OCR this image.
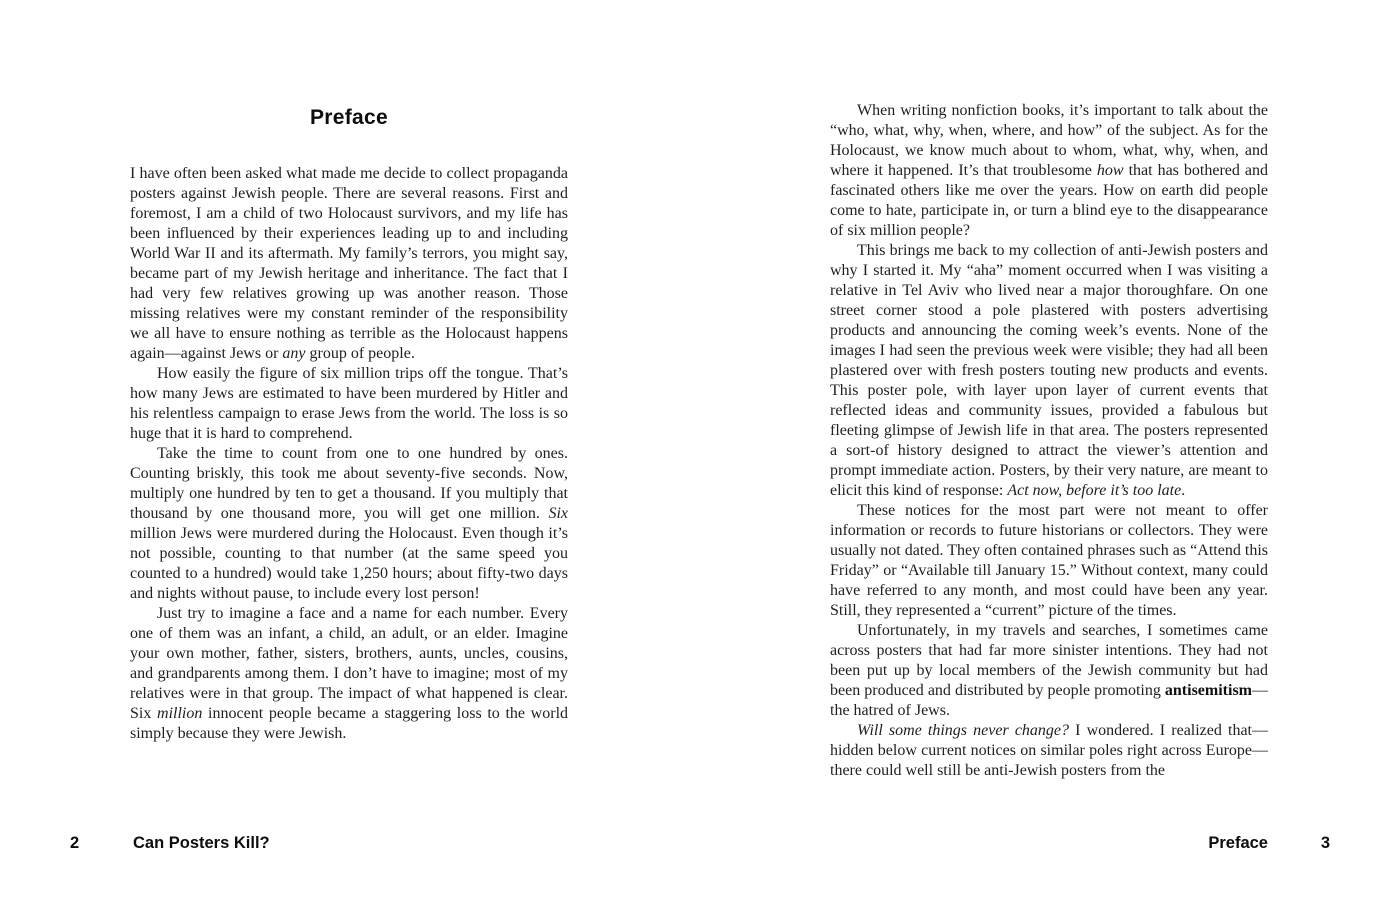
Preface

I have often been asked what made me decide to collect propaganda posters against Jewish people. There are several reasons. First and foremost, I am a child of two Holocaust survivors, and my life has been influenced by their experiences leading up to and including World War II and its aftermath. My family’s terrors, you might say, became part of my Jewish heritage and inheritance. The fact that I had very few relatives growing up was another reason. Those missing relatives were my constant reminder of the responsibility we all have to ensure nothing as terrible as the Holocaust happens again—against Jews or any group of people.

How easily the figure of six million trips off the tongue. That’s how many Jews are estimated to have been murdered by Hitler and his relentless campaign to erase Jews from the world. The loss is so huge that it is hard to comprehend.

Take the time to count from one to one hundred by ones. Counting briskly, this took me about seventy-five seconds. Now, multiply one hundred by ten to get a thousand. If you multiply that thousand by one thousand more, you will get one million. Six million Jews were murdered during the Holocaust. Even though it’s not possible, counting to that number (at the same speed you counted to a hundred) would take 1,250 hours; about fifty-two days and nights without pause, to include every lost person!

Just try to imagine a face and a name for each number. Every one of them was an infant, a child, an adult, or an elder. Imagine your own mother, father, sisters, brothers, aunts, uncles, cousins, and grandparents among them. I don’t have to imagine; most of my relatives were in that group. The impact of what happened is clear. Six million innocent people became a staggering loss to the world simply because they were Jewish.

When writing nonfiction books, it’s important to talk about the “who, what, why, when, where, and how” of the subject. As for the Holocaust, we know much about to whom, what, why, when, and where it happened. It’s that troublesome how that has bothered and fascinated others like me over the years. How on earth did people come to hate, participate in, or turn a blind eye to the disappearance of six million people?

This brings me back to my collection of anti-Jewish posters and why I started it. My “aha” moment occurred when I was visiting a relative in Tel Aviv who lived near a major thoroughfare. On one street corner stood a pole plastered with posters advertising products and announcing the coming week’s events. None of the images I had seen the previous week were visible; they had all been plastered over with fresh posters touting new products and events. This poster pole, with layer upon layer of current events that reflected ideas and community issues, provided a fabulous but fleeting glimpse of Jewish life in that area. The posters represented a sort-of history designed to attract the viewer’s attention and prompt immediate action. Posters, by their very nature, are meant to elicit this kind of response: Act now, before it’s too late.

These notices for the most part were not meant to offer information or records to future historians or collectors. They were usually not dated. They often contained phrases such as “Attend this Friday” or “Available till January 15.” Without context, many could have referred to any month, and most could have been any year. Still, they represented a “current” picture of the times.

Unfortunately, in my travels and searches, I sometimes came across posters that had far more sinister intentions. They had not been put up by local members of the Jewish community but had been produced and distributed by people promoting antisemitism—the hatred of Jews.

Will some things never change? I wondered. I realized that—hidden below current notices on similar poles right across Europe—there could well still be anti-Jewish posters from the

2	Can Posters Kill?	Preface	3
